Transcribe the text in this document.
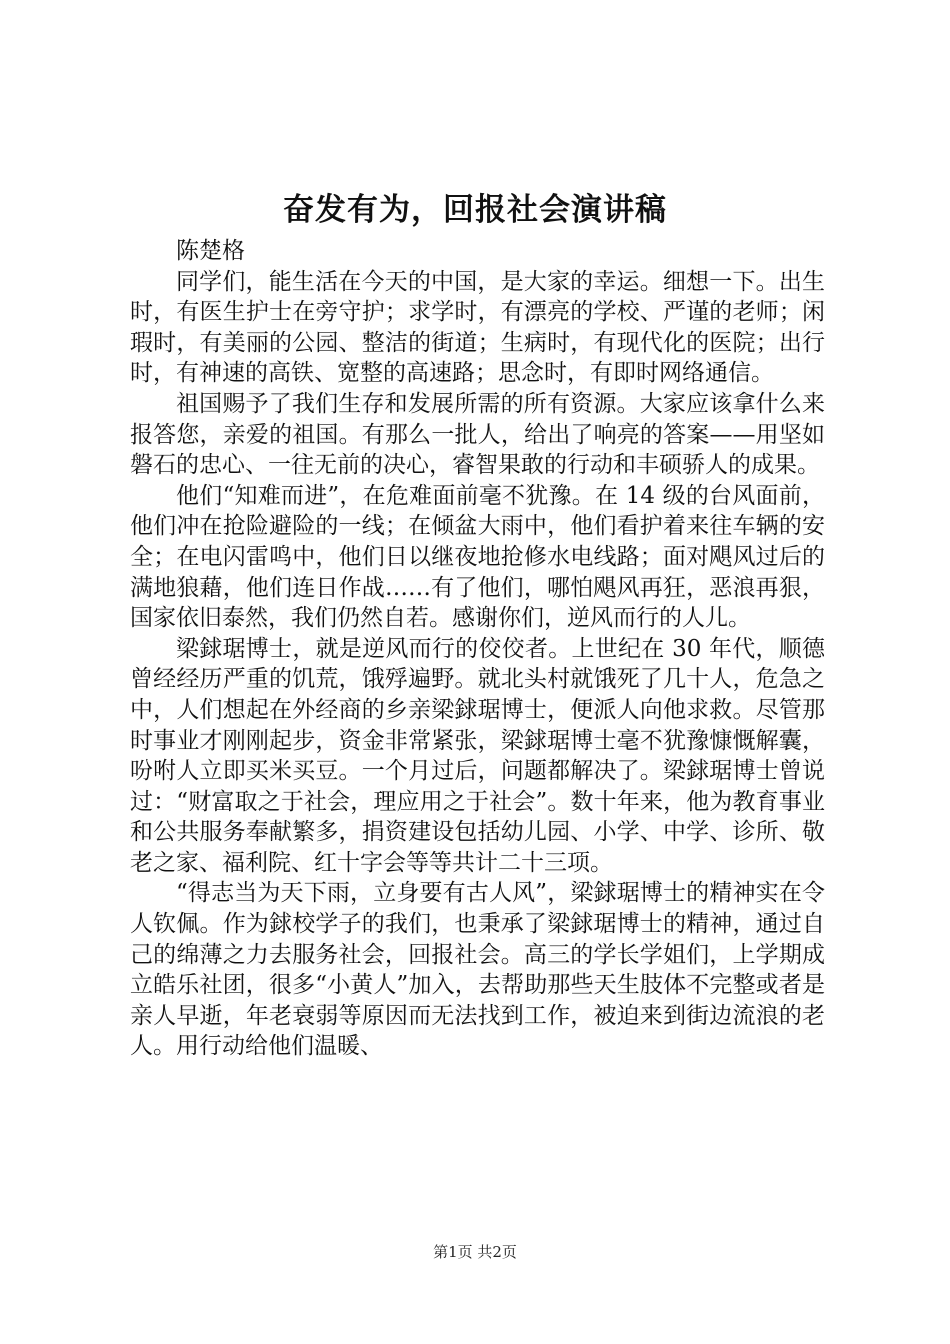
奋发有为，回报社会演讲稿

陈楚格

同学们，能生活在今天的中国，是大家的幸运。细想一下。出生时，有医生护士在旁守护；求学时，有漂亮的学校、严谨的老师；闲瑕时，有美丽的公园、整洁的街道；生病时，有现代化的医院；出行时，有神速的高铁、宽整的高速路；思念时，有即时网络通信。

祖国赐予了我们生存和发展所需的所有资源。大家应该拿什么来报答您，亲爱的祖国。有那么一批人，给出了响亮的答案——用坚如磐石的忠心、一往无前的决心，睿智果敢的行动和丰硕骄人的成果。

他们“知难而进”，在危难面前毫不犹豫。在 14 级的台风面前，他们冲在抢险避险的一线；在倾盆大雨中，他们看护着来往车辆的安全；在电闪雷鸣中，他们日以继夜地抢修水电线路；面对飓风过后的满地狼藉，他们连日作战……有了他们，哪怕飓风再狂，恶浪再狠，国家依旧泰然，我们仍然自若。感谢你们，逆风而行的人儿。

梁銶琚博士，就是逆风而行的佼佼者。上世纪在 30 年代，顺德曾经经历严重的饥荒，饿殍遍野。就北头村就饿死了几十人，危急之中，人们想起在外经商的乡亲梁銶琚博士，便派人向他求救。尽管那时事业才刚刚起步，资金非常紧张，梁銶琚博士毫不犹豫慷慨解囊，吩咐人立即买米买豆。一个月过后，问题都解决了。梁銶琚博士曾说过：“财富取之于社会，理应用之于社会”。数十年来，他为教育事业和公共服务奉献繁多，捐资建设包括幼儿园、小学、中学、诊所、敬老之家、福利院、红十字会等等共计二十三项。

“得志当为天下雨，立身要有古人风”，梁銶琚博士的精神实在令人钦佩。作为銶校学子的我们，也秉承了梁銶琚博士的精神，通过自己的绵薄之力去服务社会，回报社会。高三的学长学姐们，上学期成立皓乐社团，很多“小黄人”加入，去帮助那些天生肢体不完整或者是亲人早逝，年老衰弱等原因而无法找到工作，被迫来到街边流浪的老人。用行动给他们温暖、

第1页 共2页
